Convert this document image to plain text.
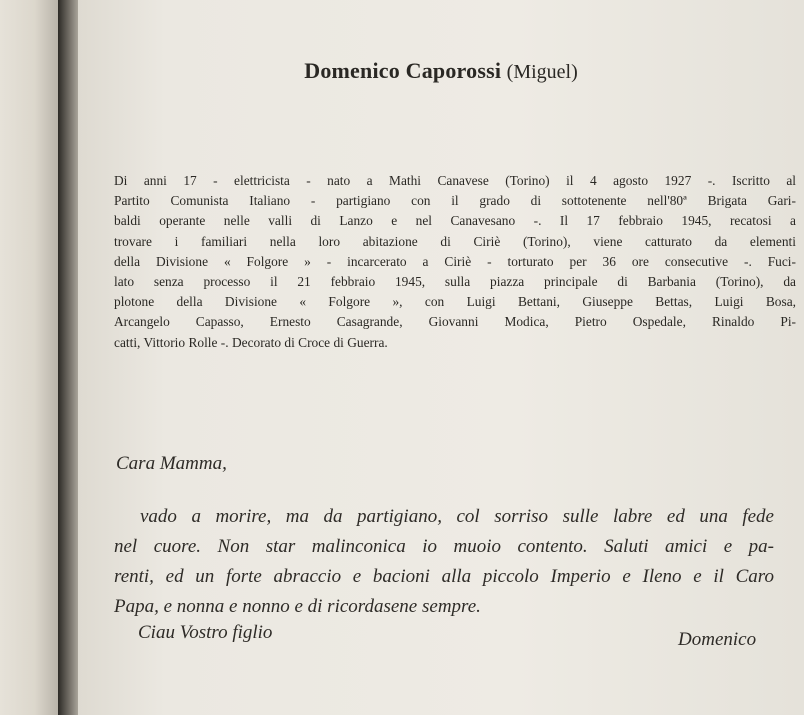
Domenico Caporossi (Miguel)
Di anni 17 - elettricista - nato a Mathi Canavese (Torino) il 4 agosto 1927 -. Iscritto al
Partito Comunista Italiano - partigiano con il grado di sottotenente nell'80ª Brigata Gari-
baldi operante nelle valli di Lanzo e nel Canavesano -. Il 17 febbraio 1945, recatosi a
trovare i familiari nella loro abitazione di Ciriè (Torino), viene catturato da elementi
della Divisione « Folgore » - incarcerato a Ciriè - torturato per 36 ore consecutive -. Fuci-
lato senza processo il 21 febbraio 1945, sulla piazza principale di Barbania (Torino), da
plotone della Divisione « Folgore », con Luigi Bettani, Giuseppe Bettas, Luigi Bosa,
Arcangelo Capasso, Ernesto Casagrande, Giovanni Modica, Pietro Ospedale, Rinaldo Pi-
catti, Vittorio Rolle -. Decorato di Croce di Guerra.
Cara Mamma,
vado a morire, ma da partigiano, col sorriso sulle labre ed una fede
nel cuore. Non star malinconica io muoio contento. Saluti amici e pa-
renti, ed un forte abraccio e bacioni alla piccolo Imperio e Ileno e il Caro
Papa, e nonna e nonno e di ricordasene sempre.
Ciau Vostro figlio	Domenico
